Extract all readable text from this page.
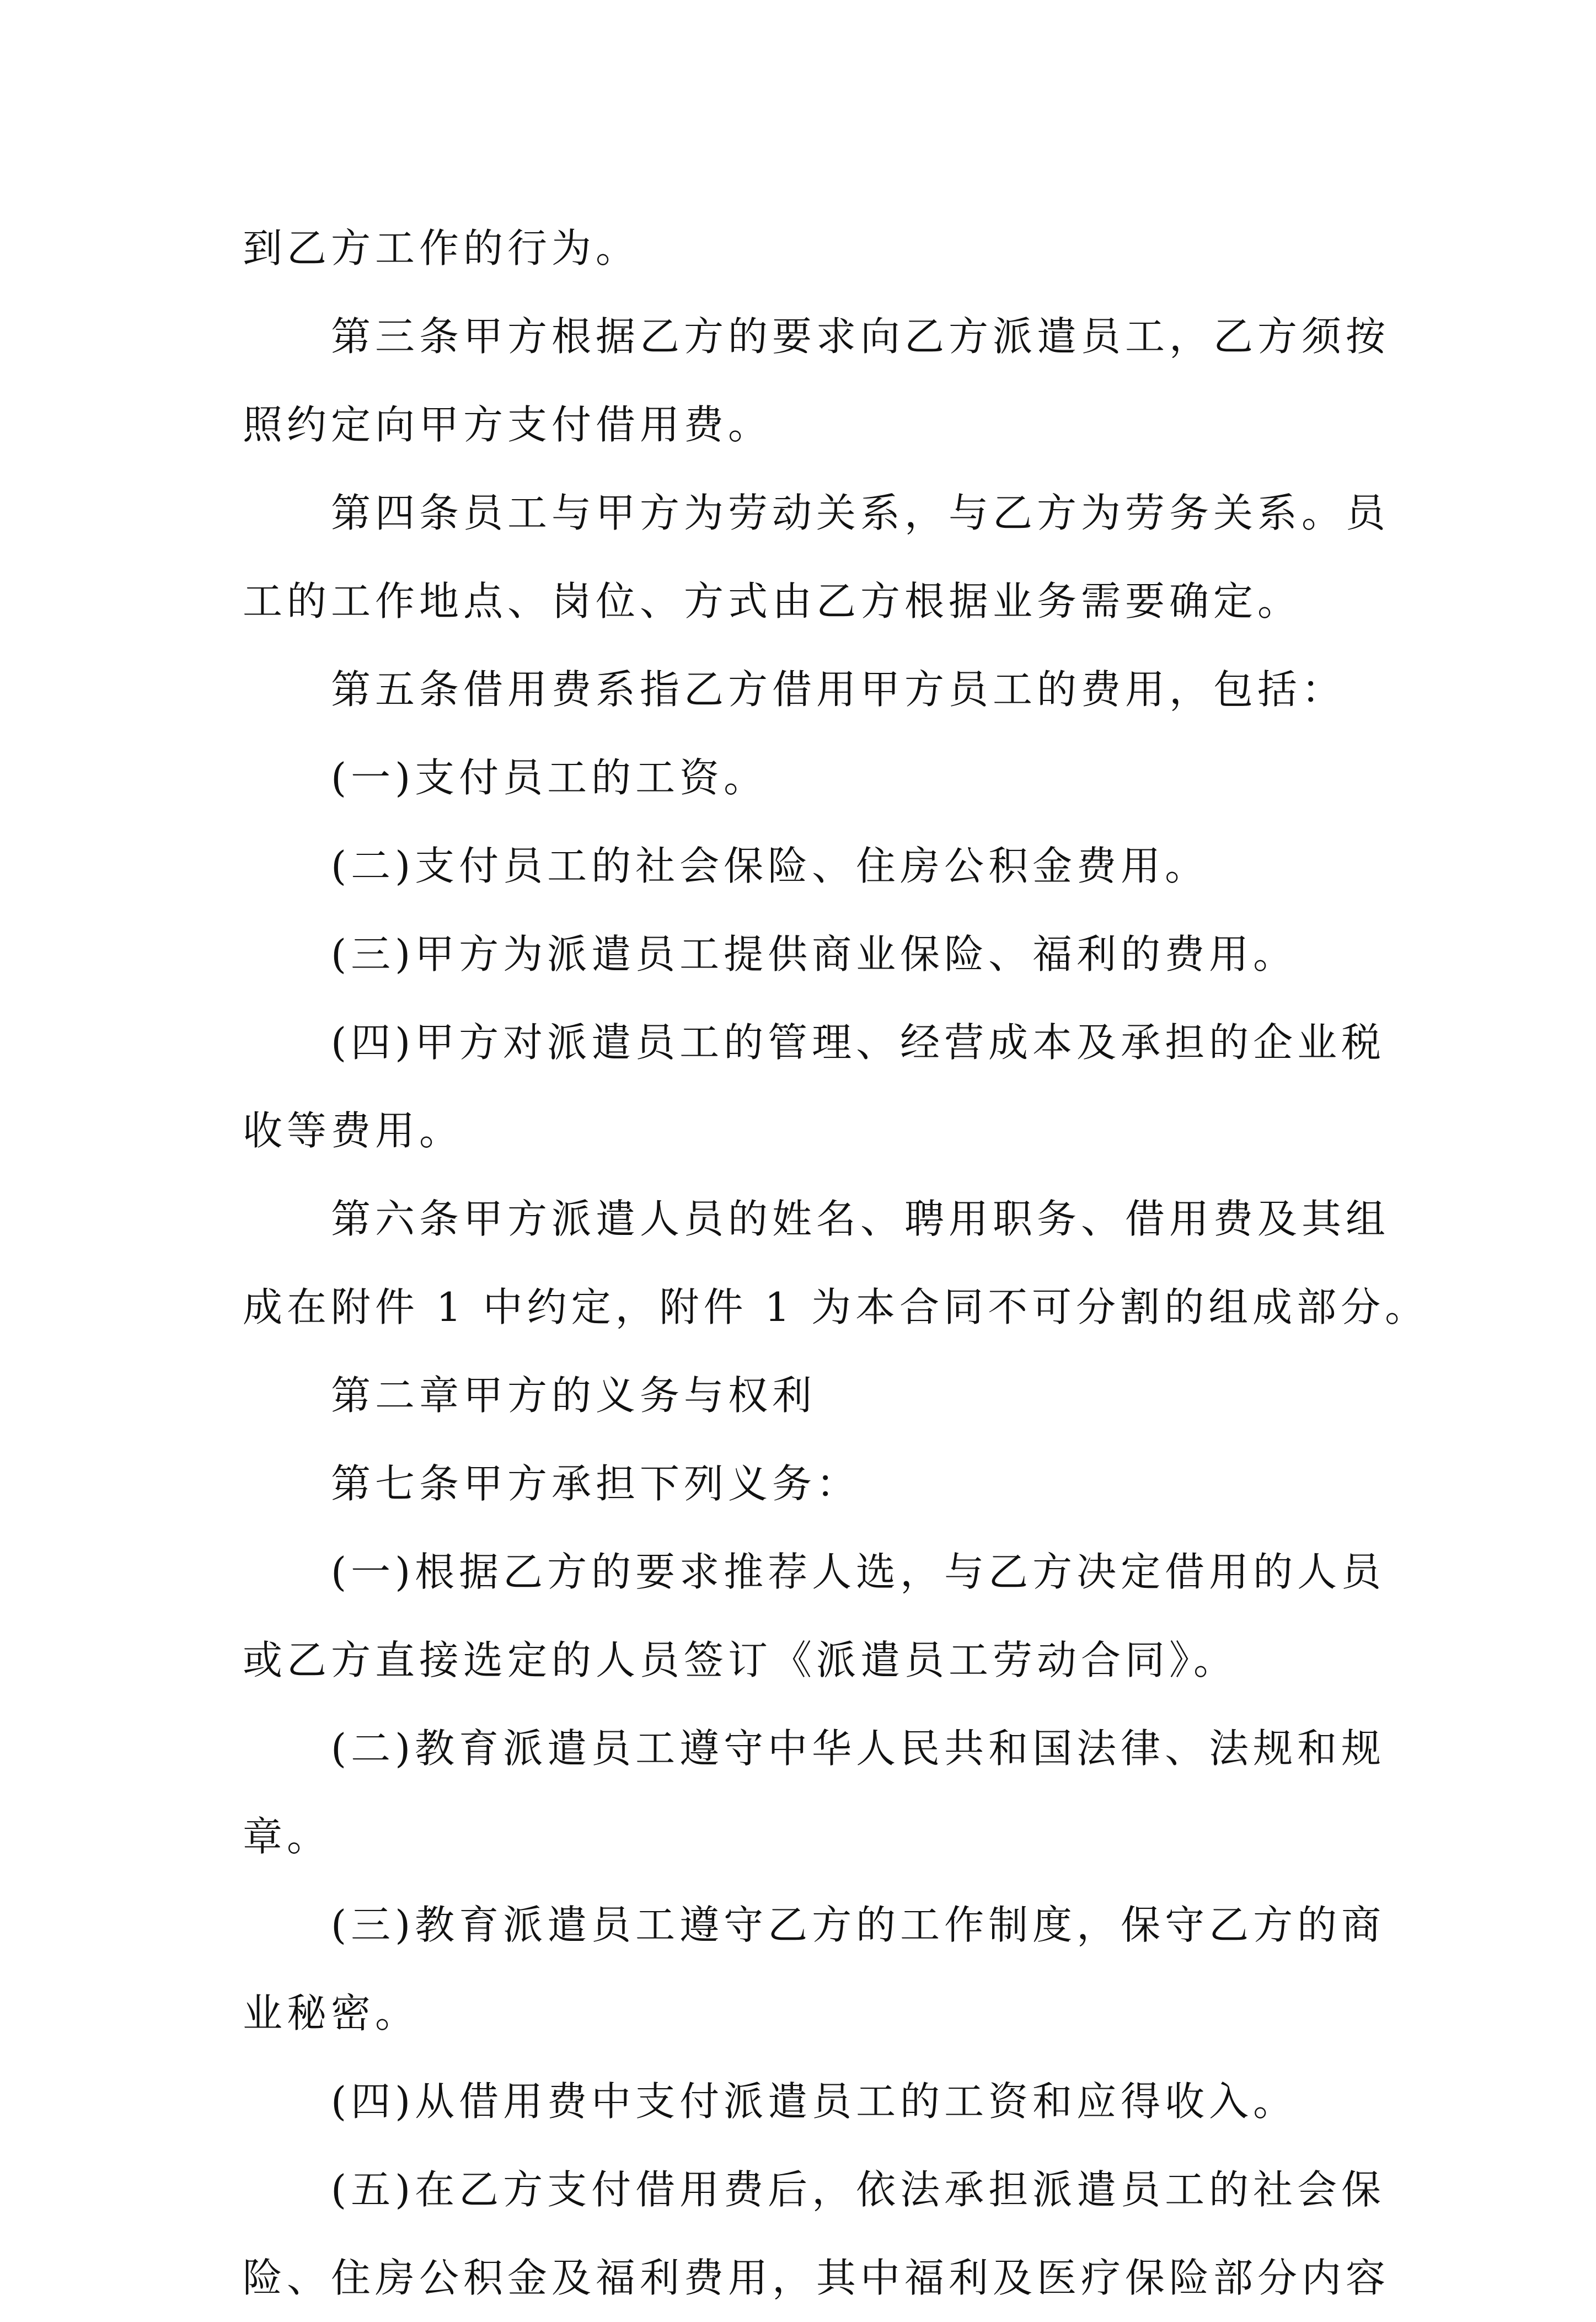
到乙方工作的行为。
第三条甲方根据乙方的要求向乙方派遣员工，乙方须按
照约定向甲方支付借用费。
第四条员工与甲方为劳动关系，与乙方为劳务关系。员
工的工作地点、岗位、方式由乙方根据业务需要确定。
第五条借用费系指乙方借用甲方员工的费用，包括：
(一)支付员工的工资。
(二)支付员工的社会保险、住房公积金费用。
(三)甲方为派遣员工提供商业保险、福利的费用。
(四)甲方对派遣员工的管理、经营成本及承担的企业税
收等费用。
第六条甲方派遣人员的姓名、聘用职务、借用费及其组
成在附件 1 中约定，附件 1 为本合同不可分割的组成部分。
第二章甲方的义务与权利
第七条甲方承担下列义务：
(一)根据乙方的要求推荐人选，与乙方决定借用的人员
或乙方直接选定的人员签订《派遣员工劳动合同》。
(二)教育派遣员工遵守中华人民共和国法律、法规和规
章。
(三)教育派遣员工遵守乙方的工作制度，保守乙方的商
业秘密。
(四)从借用费中支付派遣员工的工资和应得收入。
(五)在乙方支付借用费后，依法承担派遣员工的社会保
险、住房公积金及福利费用，其中福利及医疗保险部分内容
